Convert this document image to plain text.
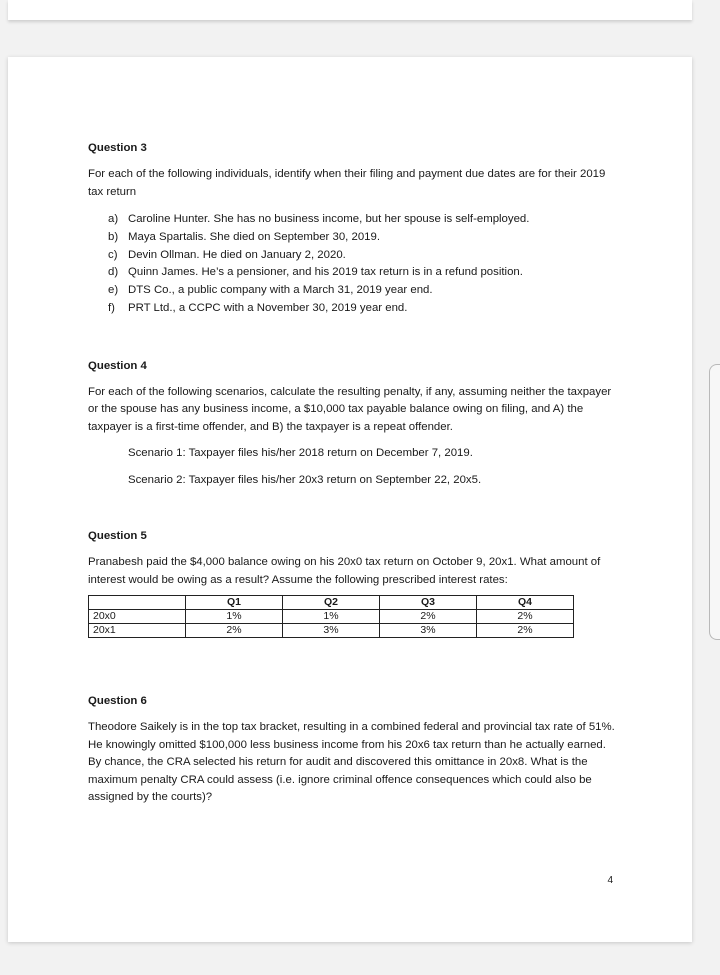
Question 3

For each of the following individuals, identify when their filing and payment due dates are for their 2019 tax return

a) Caroline Hunter. She has no business income, but her spouse is self-employed.
b) Maya Spartalis. She died on September 30, 2019.
c) Devin Ollman. He died on January 2, 2020.
d) Quinn James. He’s a pensioner, and his 2019 tax return is in a refund position.
e) DTS Co., a public company with a March 31, 2019 year end.
f)	PRT Ltd., a CCPC with a November 30, 2019 year end.
Question 4

For each of the following scenarios, calculate the resulting penalty, if any, assuming neither the taxpayer or the spouse has any business income, a $10,000 tax payable balance owing on filing, and A) the taxpayer is a first-time offender, and B) the taxpayer is a repeat offender.

Scenario 1: Taxpayer files his/her 2018 return on December 7, 2019.

Scenario 2: Taxpayer files his/her 20x3 return on September 22, 20x5.

Question 5

Pranabesh paid the $4,000 balance owing on his 20x0 tax return on October 9, 20x1. What amount of interest would be owing as a result? Assume the following prescribed interest rates:

	Q1	Q2	Q3	Q4
20x0	1%	1%	2%	2%
20x1	2%	3%	3%	2%
Question 6

Theodore Saikely is in the top tax bracket, resulting in a combined federal and provincial tax rate of 51%. He knowingly omitted $100,000 less business income from his 20x6 tax return than he actually earned. By chance, the CRA selected his return for audit and discovered this omittance in 20x8. What is the maximum penalty CRA could assess (i.e. ignore criminal offence consequences which could also be assigned by the courts)?

4
